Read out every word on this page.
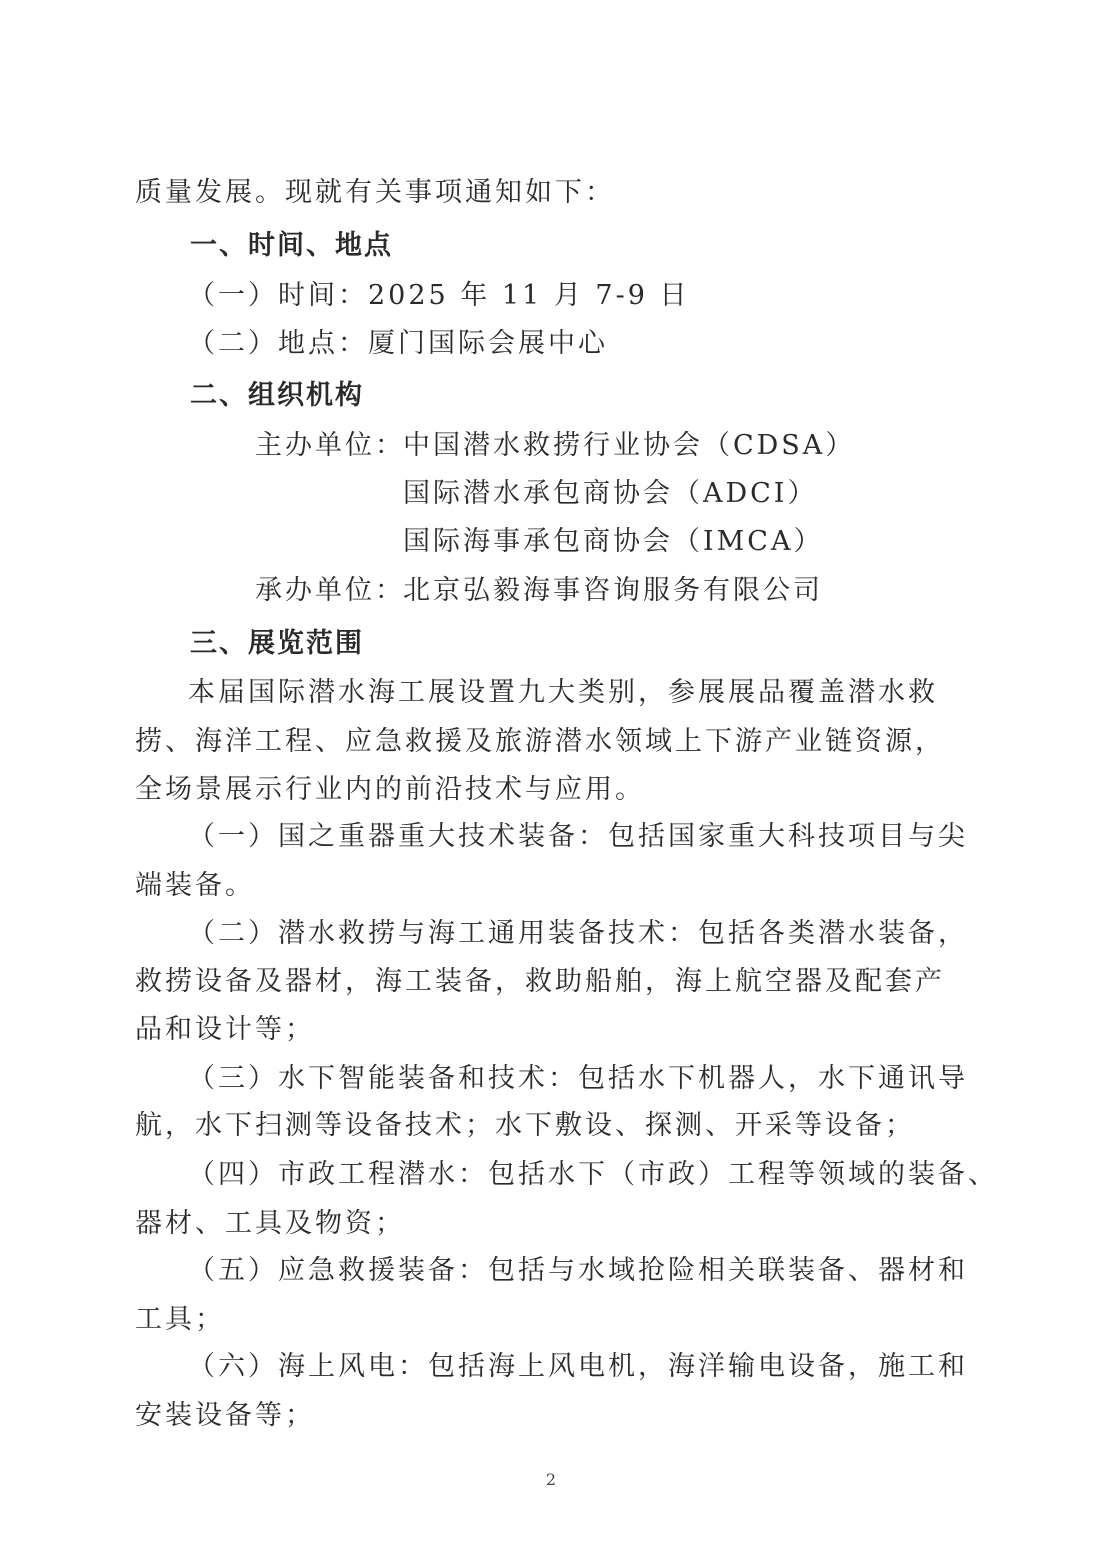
质量发展。现就有关事项通知如下：
一、时间、地点
（一）时间：2025 年 11 月 7-9 日
（二）地点：厦门国际会展中心
二、组织机构
主办单位：
中国潜水救捞行业协会（CDSA）
国际潜水承包商协会（ADCI）
国际海事承包商协会（IMCA）
承办单位：
北京弘毅海事咨询服务有限公司
三、展览范围
本届国际潜水海工展设置九大类别，参展展品覆盖潜水救
捞、海洋工程、应急救援及旅游潜水领域上下游产业链资源，
全场景展示行业内的前沿技术与应用。
（一）国之重器重大技术装备：包括国家重大科技项目与尖
端装备。
（二）潜水救捞与海工通用装备技术：包括各类潜水装备，
救捞设备及器材，海工装备，救助船舶，海上航空器及配套产
品和设计等；
（三）水下智能装备和技术：包括水下机器人，水下通讯导
航，水下扫测等设备技术；水下敷设、探测、开采等设备；
（四）市政工程潜水：包括水下（市政）工程等领域的装备、
器材、工具及物资；
（五）应急救援装备：包括与水域抢险相关联装备、器材和
工具；
（六）海上风电：包括海上风电机，海洋输电设备，施工和
安装设备等；
2
